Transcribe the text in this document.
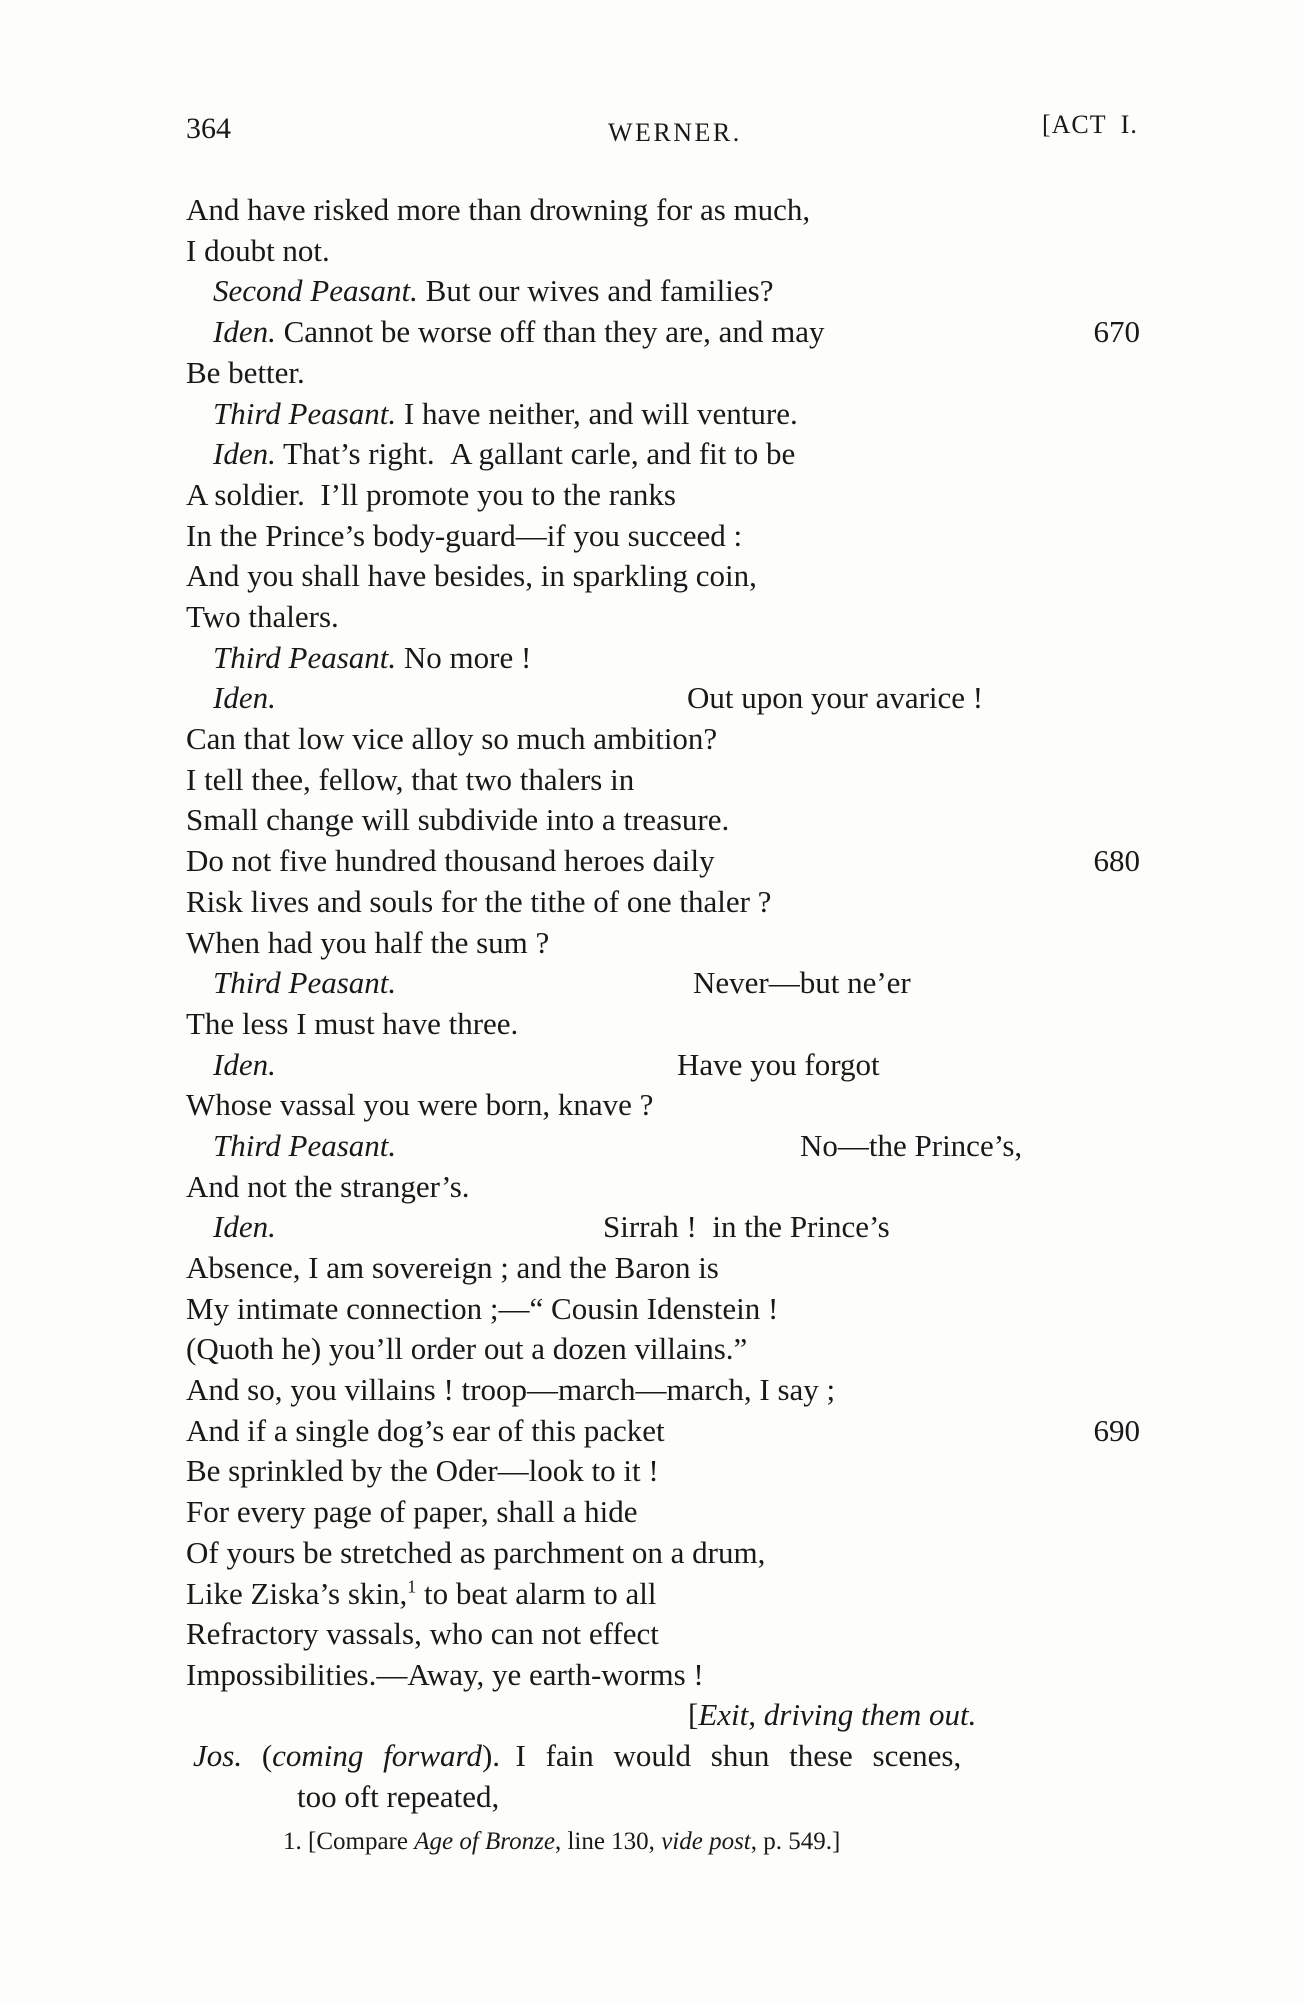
364	WERNER.	[ACT I.
And have risked more than drowning for as much,
I doubt not.
Second Peasant. But our wives and families?
Iden. Cannot be worse off than they are, and may	670
Be better.
Third Peasant. I have neither, and will venture.
Iden. That’s right. A gallant carle, and fit to be
A soldier. I’ll promote you to the ranks
In the Prince’s body-guard—if you succeed :
And you shall have besides, in sparkling coin,
Two thalers.
Third Peasant. No more !
Iden.	Out upon your avarice !
Can that low vice alloy so much ambition?
I tell thee, fellow, that two thalers in
Small change will subdivide into a treasure.
Do not five hundred thousand heroes daily	680
Risk lives and souls for the tithe of one thaler ?
When had you half the sum ?
Third Peasant.	Never—but ne’er
The less I must have three.
Iden.	Have you forgot
Whose vassal you were born, knave ?
Third Peasant.	No—the Prince’s,
And not the stranger’s.
Iden.	Sirrah ! in the Prince’s
Absence, I am sovereign ; and the Baron is
My intimate connection ;—“ Cousin Idenstein !
(Quoth he) you’ll order out a dozen villains.”
And so, you villains ! troop—march—march, I say ;
And if a single dog’s ear of this packet	690
Be sprinkled by the Oder—look to it !
For every page of paper, shall a hide
Of yours be stretched as parchment on a drum,
Like Ziska’s skin,$^1$ to beat alarm to all
Refractory vassals, who can not effect
Impossibilities.—Away, ye earth-worms !
[Exit, driving them out.
Jos. (coming forward). I fain would shun these scenes,
too oft repeated,
1. [Compare Age of Bronze, line 130, vide post, p. 549.]
